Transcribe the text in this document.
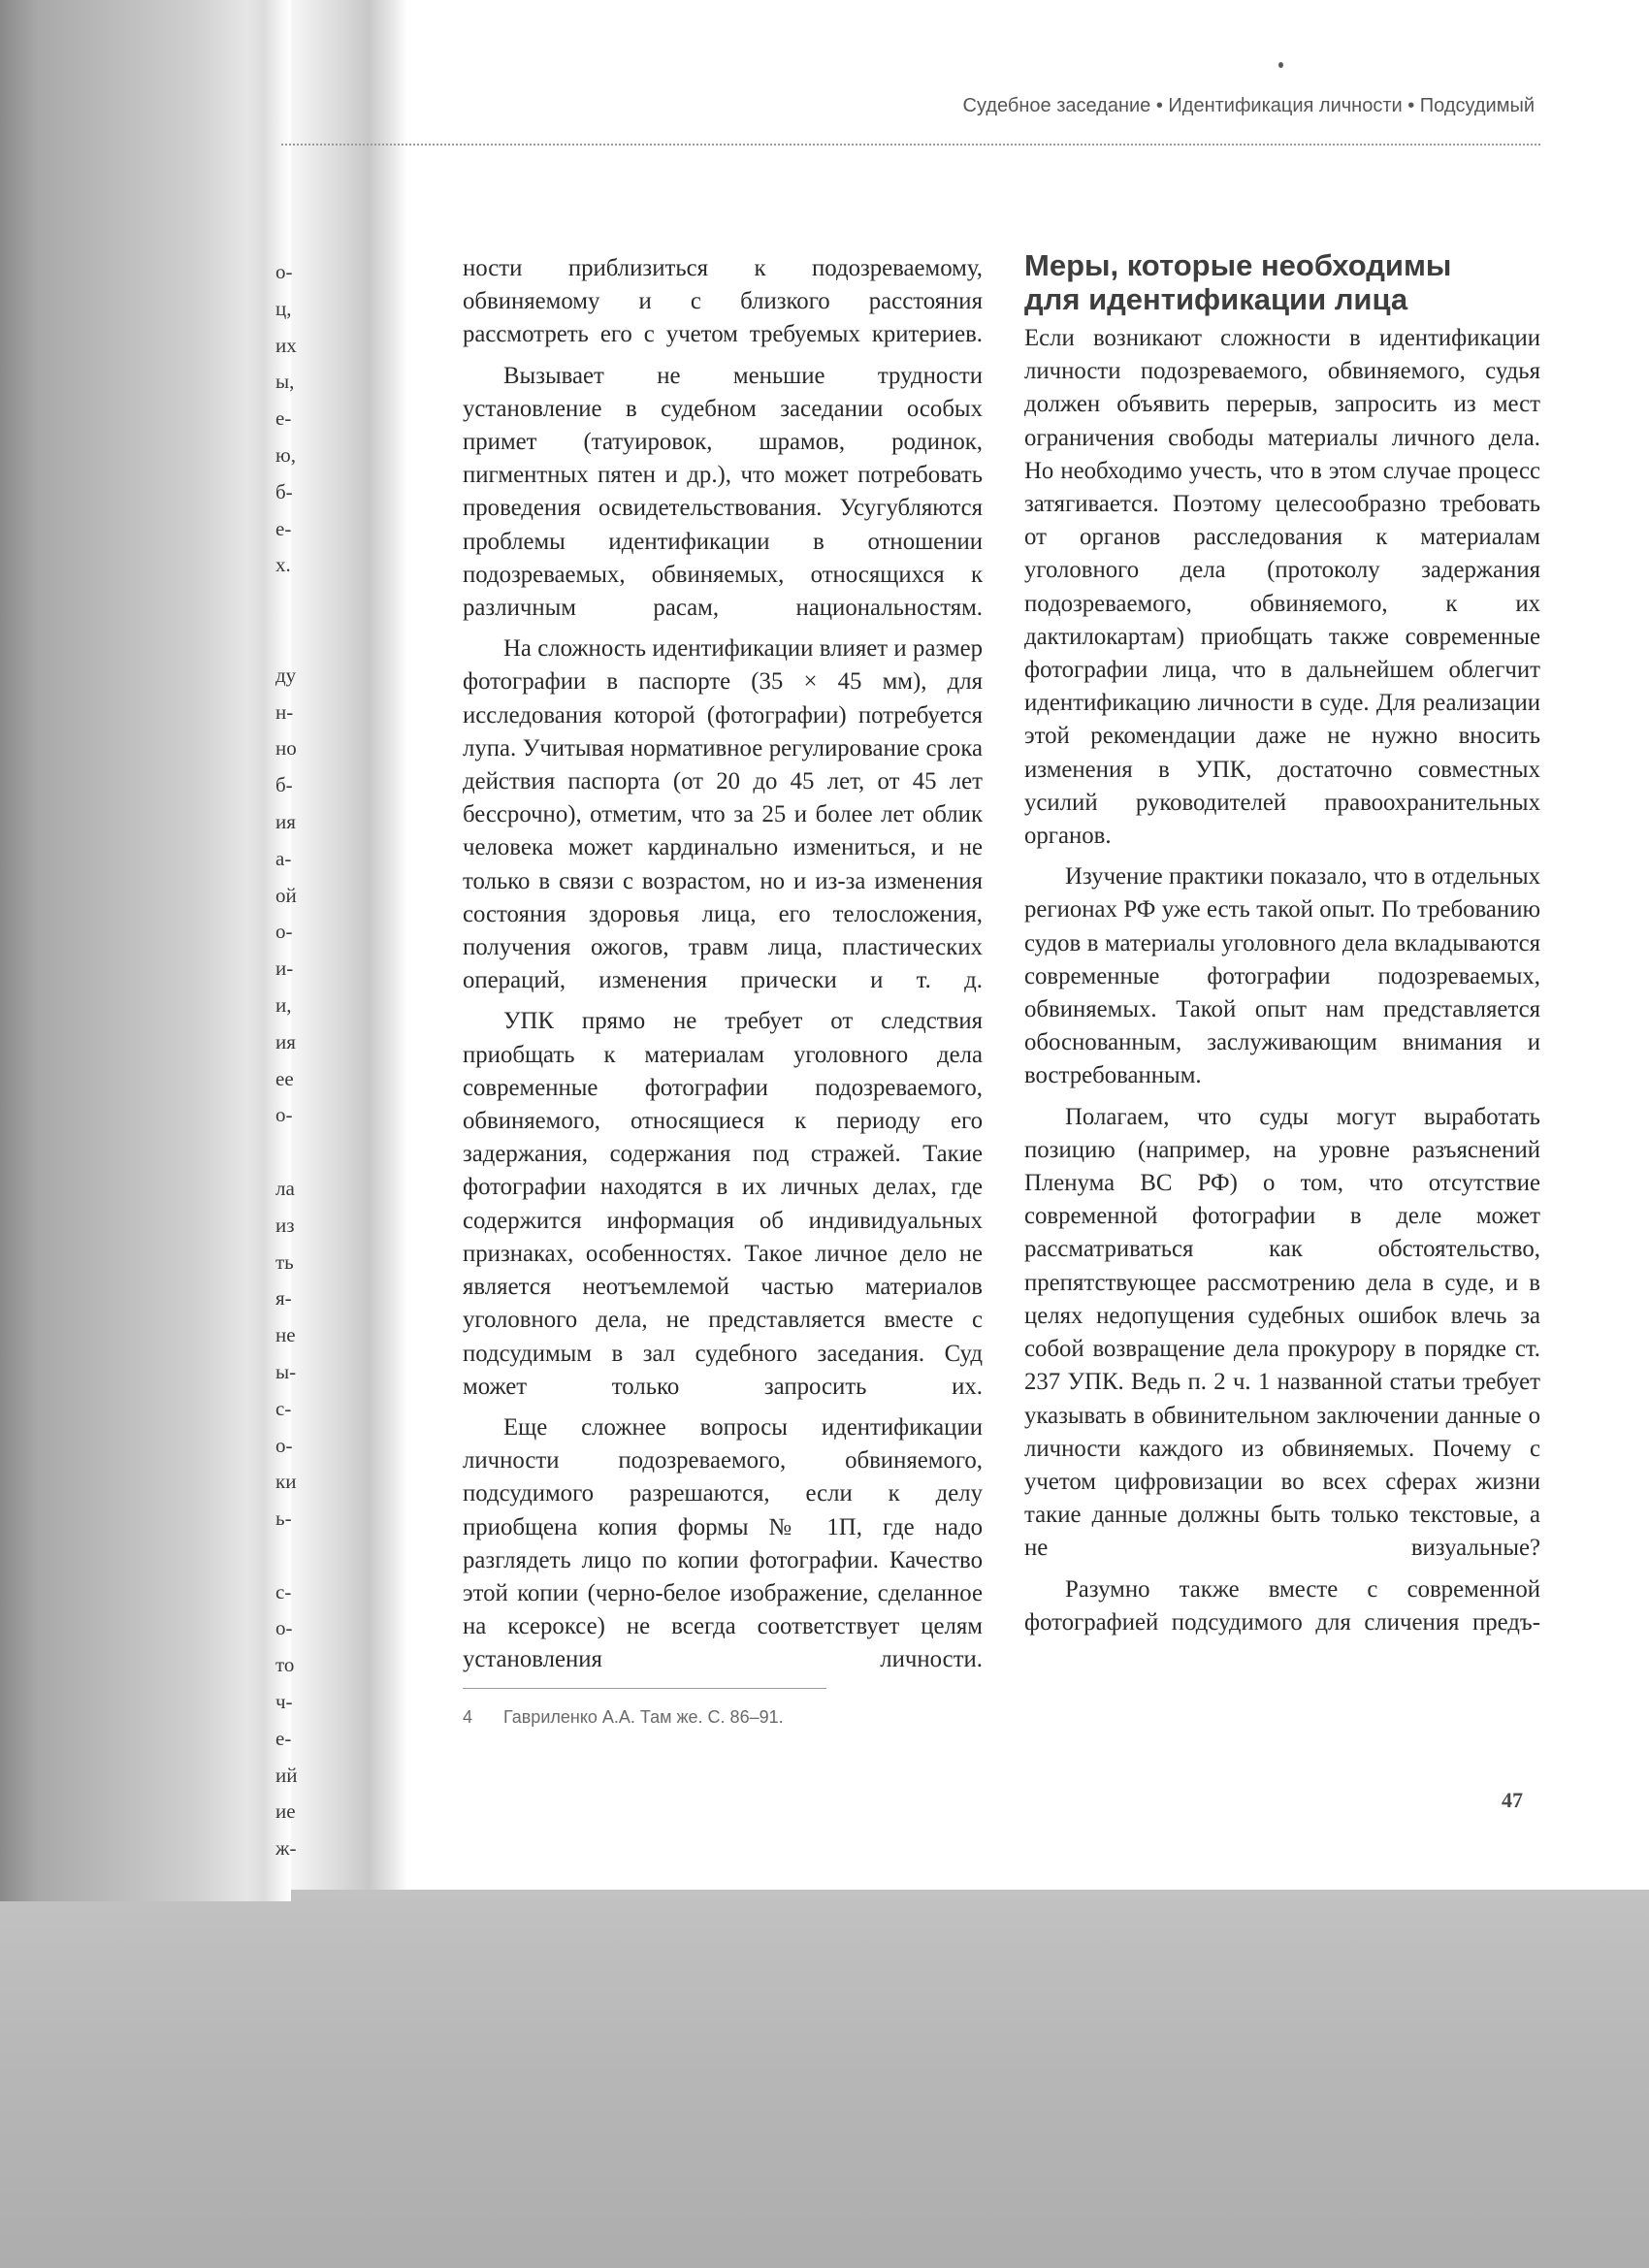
о-
ц,
их
ы,
е-
ю,
б-
е-
х.
ду
н-
но
б-
ия
а-
ой
о-
и-
и,
ия
ее
о-
ла
из
ть
я-
не
ы-
с-
о-
ки
ь-
с-
о-
то
ч-
е-
ий
ие
ж-
Судебное заседание • Идентификация личности • Подсудимый

ности приблизиться к подозреваемому, обвиняемому и с близкого расстояния рассмотреть его с учетом требуемых критериев.

Вызывает не меньшие трудности установление в судебном заседании особых примет (татуировок, шрамов, родинок, пигментных пятен и др.), что может потребовать проведения освидетельствования. Усугубляются проблемы идентификации в отношении подозреваемых, обвиняемых, относящихся к различным расам, национальностям.

На сложность идентификации влияет и размер фотографии в паспорте (35 × 45 мм), для исследования которой (фотографии) потребуется лупа. Учитывая нормативное регулирование срока действия паспорта (от 20 до 45 лет, от 45 лет бессрочно), отметим, что за 25 и более лет облик человека может кардинально измениться, и не только в связи с возрастом, но и из-за изменения состояния здоровья лица, его телосложения, получения ожогов, травм лица, пластических операций, изменения прически и т. д.

УПК прямо не требует от следствия приобщать к материалам уголовного дела современные фотографии подозреваемого, обвиняемого, относящиеся к периоду его задержания, содержания под стражей. Такие фотографии находятся в их личных делах, где содержится информация об индивидуальных признаках, особенностях. Такое личное дело не является неотъемлемой частью материалов уголовного дела, не представляется вместе с подсудимым в зал судебного заседания. Суд может только запросить их.

Еще сложнее вопросы идентификации личности подозреваемого, обвиняемого, подсудимого разрешаются, если к делу приобщена копия формы № 1П, где надо разглядеть лицо по копии фотографии. Качество этой копии (черно-белое изображение, сделанное на ксероксе) не всегда соответствует целям установления личности.

Меры, которые необходимы
для идентификации лица

Если возникают сложности в идентификации личности подозреваемого, обвиняемого, судья должен объявить перерыв, запросить из мест ограничения свободы материалы личного дела. Но необходимо учесть, что в этом случае процесс затягивается. Поэтому целесообразно требовать от органов расследования к материалам уголовного дела (протоколу задержания подозреваемого, обвиняемого, к их дактилокартам) приобщать также современные фотографии лица, что в дальнейшем облегчит идентификацию личности в суде. Для реализации этой рекомендации даже не нужно вносить изменения в УПК, достаточно совместных усилий руководителей правоохранительных органов.

Изучение практики показало, что в отдельных регионах РФ уже есть такой опыт. По требованию судов в материалы уголовного дела вкладываются современные фотографии подозреваемых, обвиняемых. Такой опыт нам представляется обоснованным, заслуживающим внимания и востребованным.

Полагаем, что суды могут выработать позицию (например, на уровне разъяснений Пленума ВС РФ) о том, что отсутствие современной фотографии в деле может рассматриваться как обстоятельство, препятствующее рассмотрению дела в суде, и в целях недопущения судебных ошибок влечь за собой возвращение дела прокурору в порядке ст. 237 УПК. Ведь п. 2 ч. 1 названной статьи требует указывать в обвинительном заключении данные о личности каждого из обвиняемых. Почему с учетом цифровизации во всех сферах жизни такие данные должны быть только текстовые, а не визуальные?

Разумно также вместе с современной фотографией подсудимого для сличения предъ-

4 Гавриленко А.А. Там же. С. 86–91.
47
